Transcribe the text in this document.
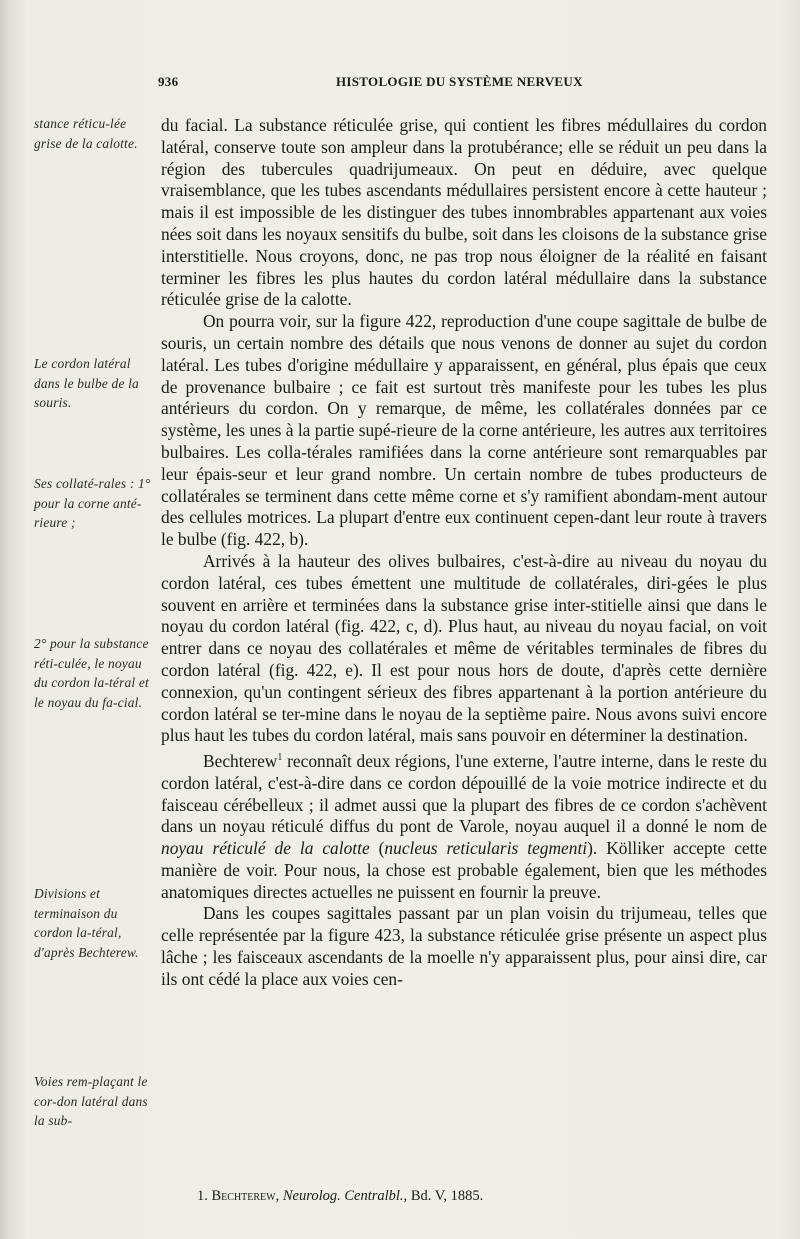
936	HISTOLOGIE DU SYSTÈME NERVEUX
stance réticu-lée grise de la calotte.
Le cordon latéral dans le bulbe de la souris.
Ses collaté-rales : 1° pour la corne anté-rieure ;
2° pour la substance réti-culée, le noyau du cordon la-téral et le noyau du fa-cial.
Divisions et terminaison du cordon la-téral, d'après Bechterew.
Voies rem-plaçant le cor-don latéral dans la sub-

du facial. La substance réticulée grise, qui contient les fibres médullaires du cordon latéral, conserve toute son ampleur dans la protubérance; elle se réduit un peu dans la région des tubercules quadrijumeaux. On peut en déduire, avec quelque vraisemblance, que les tubes ascendants médullaires persistent encore à cette hauteur ; mais il est impossible de les distinguer des tubes innombrables appartenant aux voies nées soit dans les noyaux sensitifs du bulbe, soit dans les cloisons de la substance grise interstitielle. Nous croyons, donc, ne pas trop nous éloigner de la réalité en faisant terminer les fibres les plus hautes du cordon latéral médullaire dans la substance réticulée grise de la calotte.

On pourra voir, sur la figure 422, reproduction d'une coupe sagittale de bulbe de souris, un certain nombre des détails que nous venons de donner au sujet du cordon latéral. Les tubes d'origine médullaire y apparaissent, en général, plus épais que ceux de provenance bulbaire ; ce fait est surtout très manifeste pour les tubes les plus antérieurs du cordon. On y remarque, de même, les collatérales données par ce système, les unes à la partie supé-rieure de la corne antérieure, les autres aux territoires bulbaires. Les colla-térales ramifiées dans la corne antérieure sont remarquables par leur épais-seur et leur grand nombre. Un certain nombre de tubes producteurs de collatérales se terminent dans cette même corne et s'y ramifient abondam-ment autour des cellules motrices. La plupart d'entre eux continuent cepen-dant leur route à travers le bulbe (fig. 422, b).

Arrivés à la hauteur des olives bulbaires, c'est-à-dire au niveau du noyau du cordon latéral, ces tubes émettent une multitude de collatérales, diri-gées le plus souvent en arrière et terminées dans la substance grise inter-stitielle ainsi que dans le noyau du cordon latéral (fig. 422, c, d). Plus haut, au niveau du noyau facial, on voit entrer dans ce noyau des collatérales et même de véritables terminales de fibres du cordon latéral (fig. 422, e). Il est pour nous hors de doute, d'après cette dernière connexion, qu'un contingent sérieux des fibres appartenant à la portion antérieure du cordon latéral se ter-mine dans le noyau de la septième paire. Nous avons suivi encore plus haut les tubes du cordon latéral, mais sans pouvoir en déterminer la destination.

Bechterew$^1$ reconnaît deux régions, l'une externe, l'autre interne, dans le reste du cordon latéral, c'est-à-dire dans ce cordon dépouillé de la voie motrice indirecte et du faisceau cérébelleux ; il admet aussi que la plupart des fibres de ce cordon s'achèvent dans un noyau réticulé diffus du pont de Varole, noyau auquel il a donné le nom de noyau réticulé de la calotte (nucleus reticularis tegmenti). Kölliker accepte cette manière de voir. Pour nous, la chose est probable également, bien que les méthodes anatomiques directes actuelles ne puissent en fournir la preuve.

Dans les coupes sagittales passant par un plan voisin du trijumeau, telles que celle représentée par la figure 423, la substance réticulée grise présente un aspect plus lâche ; les faisceaux ascendants de la moelle n'y apparaissent plus, pour ainsi dire, car ils ont cédé la place aux voies cen-

1. Bechterew, Neurolog. Centralbl., Bd. V, 1885.
